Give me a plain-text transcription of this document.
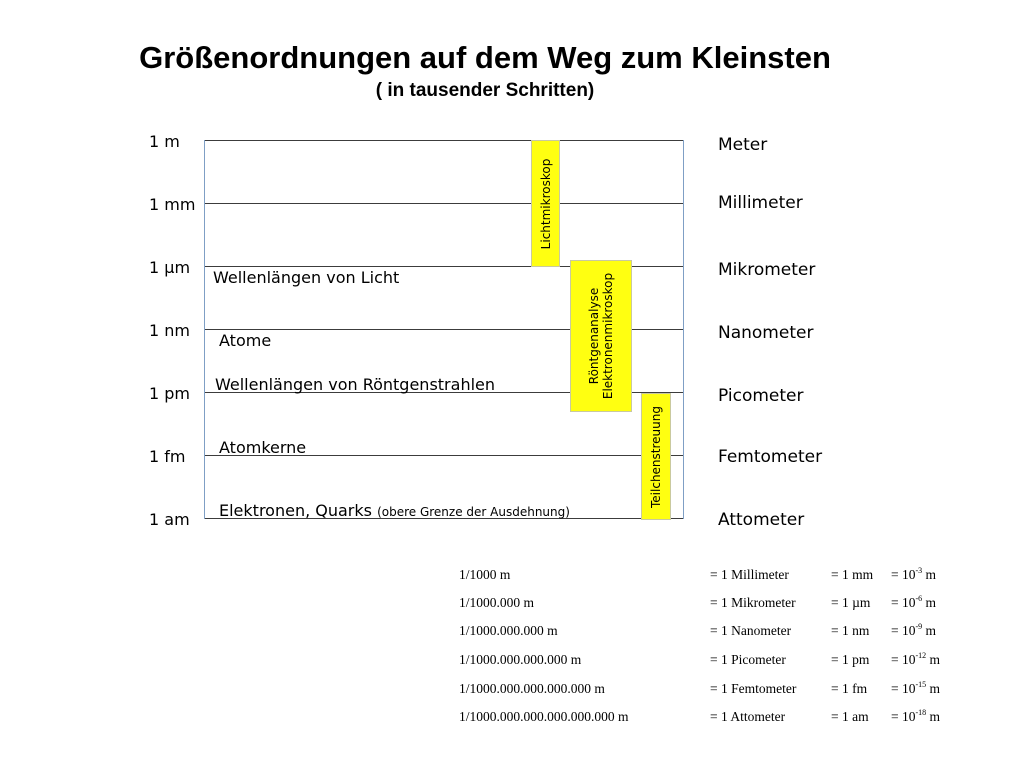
Größenordnungen auf dem Weg zum Kleinsten
( in tausender Schritten)
1 m
1 mm
1 µm
1 nm
1 pm
1 fm
1 am
Meter
Millimeter
Mikrometer
Nanometer
Picometer
Femtometer
Attometer
Wellenlängen von Licht
Atome
Wellenlängen von Röntgenstrahlen
Atomkerne
Elektronen, Quarks (obere Grenze der Ausdehnung)
Lichtmikroskop
Röntgenanalyse Elektronenmikroskop
Teilchenstreuung
1/1000 m	= 1 Millimeter	= 1 mm = $10^{-3}$ m
1/1000.000 m	= 1 Mikrometer	= 1 $\mu m = 10^{-6}$ m
1/1000.000.000 m	= 1 Nanometer	= 1 nm = $10^{-9}$ m
1/1000.000.000.000 m	= 1 Picometer	= 1 pm = $10^{-12}$ m
1/1000.000.000.000.000 m	= 1 Femtometer	= 1 fm = $10^{-15}$ m
1/1000.000.000.000.000.000 m	= 1 Attometer	= 1 am = $10^{-18}$ m
